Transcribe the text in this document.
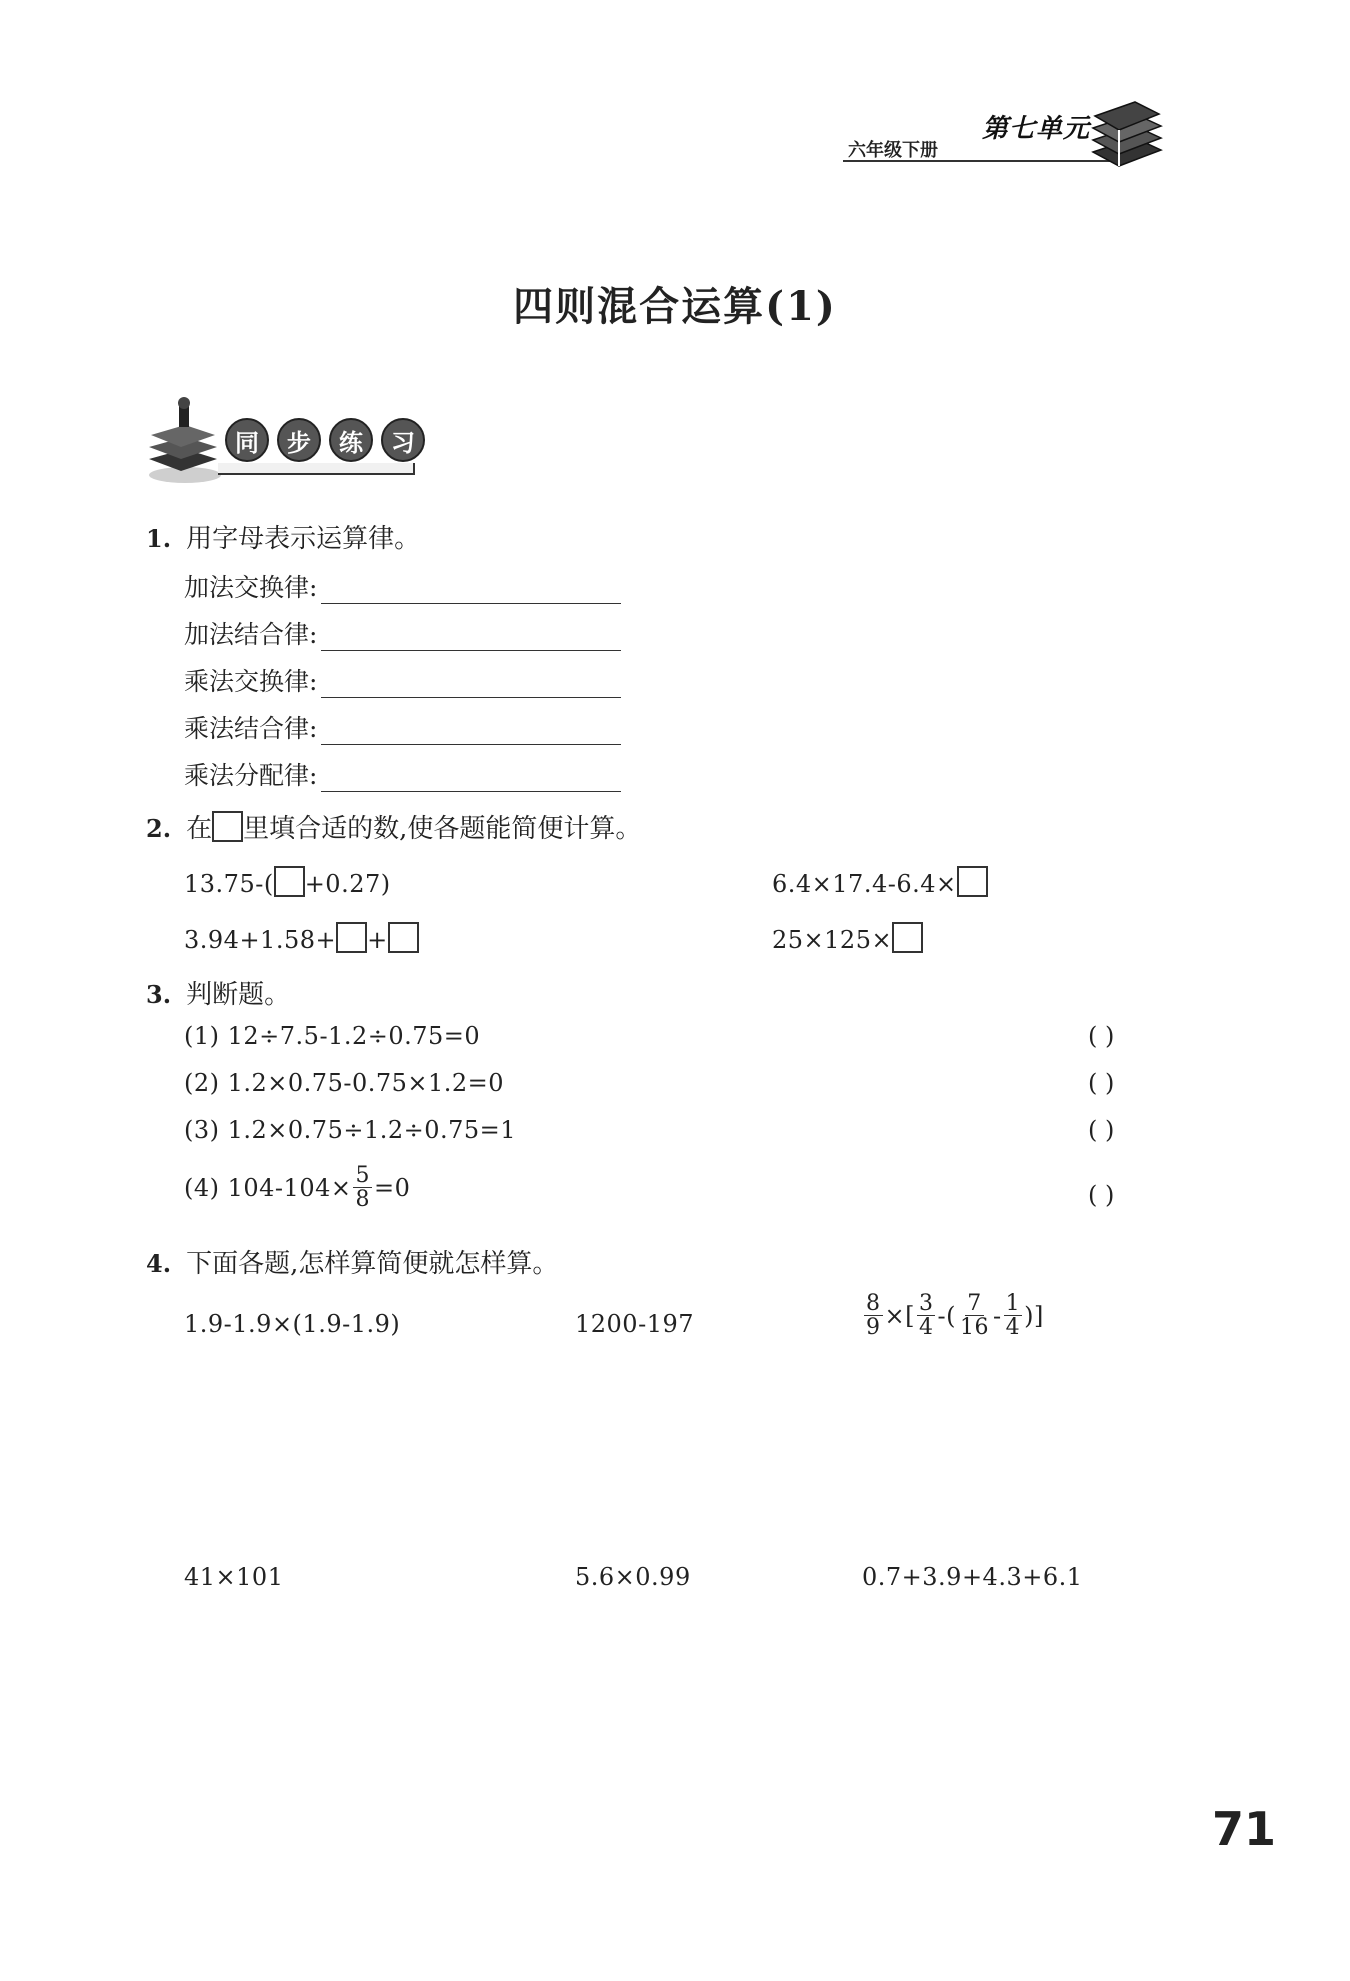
六年级下册
第七单元
四则混合运算(1)
同	步	练	习
1. 用字母表示运算律。
加法交换律:
加法结合律:
乘法交换律:
乘法结合律:
乘法分配律:
2. 在 里填合适的数,使各题能简便计算。
13.75-( +0.27)	6.4×17.4-6.4×
3.94+1.58+ +	25×125×
3. 判断题。
(1) 12÷7.5-1.2÷0.75=0	( )
(2) 1.2×0.75-0.75×1.2=0	( )
(3) 1.2×0.75÷1.2÷0.75=1	( )
(4) $104-104\times \frac{5}{8} =0$	( )
4. 下面各题,怎样算简便就怎样算。
1.9-1.9×(1.9-1.9)	1200-197	$\frac{8}{9}$ ×[ $\frac{3}{4}$ -( $\frac{7}{16} - \frac{1}{4}$ )]
41×101	5.6×0.99	0.7+3.9+4.3+6.1
71
